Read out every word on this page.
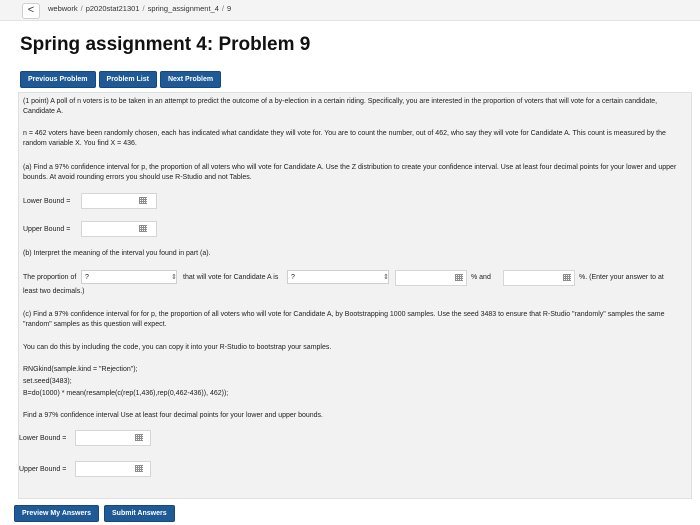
<	webwork / p2020stat21301 / spring_assignment_4 / 9
Spring assignment 4: Problem 9
Previous Problem	Problem List	Next Problem
(1 point) A poll of n voters is to be taken in an attempt to predict the outcome of a by-election in a certain riding. Specifically, you are interested in the proportion of voters that will vote for a certain candidate, Candidate A.
n = 462 voters have been randomly chosen, each has indicated what candidate they will vote for. You are to count the number, out of 462, who say they will vote for Candidate A. This count is measured by the random variable X. You find X = 436.
(a) Find a 97% confidence interval for p, the proportion of all voters who will vote for Candidate A. Use the Z distribution to create your confidence interval. Use at least four decimal points for your lower and upper bounds. At avoid rounding errors you should use R-Studio and not Tables.
Lower Bound =
Upper Bound =
(b) Interpret the meaning of the interval you found in part (a).
The proportion of	?	⇕ that will vote for Candidate A is	?	⇕	% and	%. (Enter your answer to at
least two decimals.)
(c) Find a 97% confidence interval for for p, the proportion of all voters who will vote for Candidate A, by Bootstrapping 1000 samples. Use the seed 3483 to ensure that R-Studio "randomly" samples the same "random" samples as this question will expect.
You can do this by including the code, you can copy it into your R-Studio to bootstrap your samples.
RNGkind(sample.kind = "Rejection");
set.seed(3483);
B=do(1000) * mean(resample(c(rep(1,436),rep(0,462-436)), 462));
Find a 97% confidence interval Use at least four decimal points for your lower and upper bounds.
Lower Bound =
Upper Bound =
Preview My Answers	Submit Answers
